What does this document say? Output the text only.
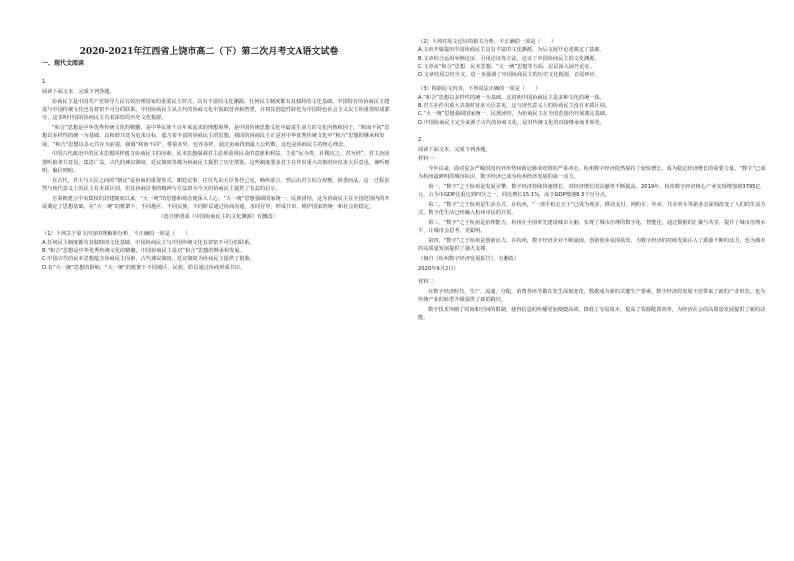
2020-2021年江西省上饶市高二（下）第二次月考文A语文试卷
一、现代文阅读
1.
阅读下面文本，完成下列各题。
协商民主是中国共产党领导人民有效治理国家的重要民主形式，具有丰富的文化渊源。任何民主制度都有其独特的文化基础，中国特有的协商民主建设与中国传统文化也有着密不可分的联系。中国协商民主从古代的协商文化中汲取营养和智慧，并将其创造性转化为中国特色社会主义民主的重要组成部分，这表明中国的协商民主有着深厚的历史文化根源。
“和合”思想是中华优秀传统文化的精髓，是中华民族千百年来追求的理想境界，是中国传统思想文化中最富生命力的文化内核和因子。“和而不同”思想以多样性的统一为基础，以和谐共处为追求目标，蕴含着丰富的协商民主的思想，我国的协商民主正是对中华优秀传统文化中“和合”思想的继承和发展。“和合”思想以多元共存为前提，强调“和而不同”，尊重差异，包容多样，通过协商找到最大公约数，这也是协商民主的核心理念。
中国古代政治中的民本思想同样蕴含协商民主的因素。民本思想强调君主必须重视民众的意愿和利益，主张“民为贵，社稷次之，君为轻”，君主治国要听取各方意见，集思广益。古代的谏议制度、廷议制度等都为协商民主提供了历史借鉴，这些制度要求君主在作出重大决策时应征求大臣意见，兼听则明，偏信则暗。
在古代，君主与大臣之间的“朝议”是协商的重要形式。朝廷议事，往往先由大臣各抒己见，畅所欲言，然后由君主综合权衡，择善而从，这一过程虽然与现代意义上的民主有本质区别，但其协商议事的精神与方法却为今天的协商民主提供了有益的启示。
自秦朝建立中央集权的封建制度以来，“大一统”的思想和观念便深入人心。“大一统”思想强调国家统一、民族团结，这为协商民主在全国范围内的开展奠定了思想基础。在“大一统”的框架下，不同地区、不同民族、不同阶层通过协商沟通，求同存异，形成共识，维护国家的统一和社会的稳定。
（选自廖清成《中国协商民主的文化渊源》有删改）
（1）下列关于原文内容的理解和分析，不正确的一项是（　　）
A.任何民主制度都有其独特的文化基础，中国协商民主与中国传统文化有着密不可分的联系。
B.“和合”思想是中华优秀传统文化的精髓，中国协商民主是对“和合”思想的继承和发展。
C.中国古代的民本思想蕴含协商民主因素，古代谏议制度、廷议制度为协商民主提供了借鉴。
D.有“大一统”思想的影响，“大一统”的框架下不同地区、民族、阶层通过协商形成共识。
（2）下列对原文论证的相关分析，不正确的一项是（　　）
A.文章开篇提出中国协商民主具有丰富的文化渊源，为后文展开论述奠定了基础。
B.文章综合运用举例论证、引用论证等方法，论证了中国协商民主的文化渊源。
C.文章从“和合”思想、民本思想、“大一统”思想等方面，层层深入展开论证。
D.文章结尾总结全文，进一步强调了中国协商民主的历史文化根源，首尾呼应。
（3）根据原文内容，下列说法正确的一项是（　　）
A.“和合”思想以多样性的统一为基础，这说明中国协商民主是多种文化的统一体。
B.君主在作出重大决策时征求大臣意见，这与现代意义上的协商民主没有本质区别。
C.“大一统”思想强调国家统一、民族团结，为协商民主在全国范围内开展奠定基础。
D.中国协商民主完全来源于古代的协商文化，是对传统文化的直接继承而非转化。
2.
阅读下面文本，完成下列各题。
材料一：
今年以来，面对复杂严峻的国内外形势和新冠肺炎疫情的严重冲击，杭州数字经济依然保持了较快增长，成为稳定经济增长的重要力量。“数字”已成为杭州最鲜明的城市标识，数字经济已成为杭州经济发展的第一动力。
第一，“数字”之于杭州是发展引擎。数字经济持续快速增长，对经济增长的贡献率不断提高。2019年，杭州数字经济核心产业实现增加值3795亿元，占全市GDP比重达到四分之一，同比增长15.1%，高于GDP增速8.3个百分点。
第二，“数字”之于杭州是生活方式。在杭州，“一部手机走天下”已成为现实，移动支付、网约车、外卖、共享单车等新业态深刻改变了人们的生活方式，数字化生活已经融入杭州市民的日常。
第三，“数字”之于杭州是治理能力。杭州在全国率先建设城市大脑，实现了城市治理的数字化、智能化，通过数据的汇聚与共享，提升了城市治理水平，让城市会思考、更聪明。
第四，“数字”之于杭州是创新活力。在杭州，数字经济企业不断涌现，创新创业氛围浓厚，为数字经济的持续发展注入了源源不断的活力，也为城市的高质量发展提供了强大支撑。
（摘自《杭州数字经济发展报告》，有删改）
2020年9月2日）
材料二：
在数字经济时代，生产、流通、分配、消费各环节都在发生深刻变化，数据成为新的关键生产要素。数字经济的发展不仅带来了新的产业形态，也为传统产业的转型升级提供了新的路径。
数字技术突破了时间和空间的限制，使得信息的传播更加便捷高效，降低了交易成本，提高了资源配置效率，为经济社会的高质量发展提供了新的动能。
